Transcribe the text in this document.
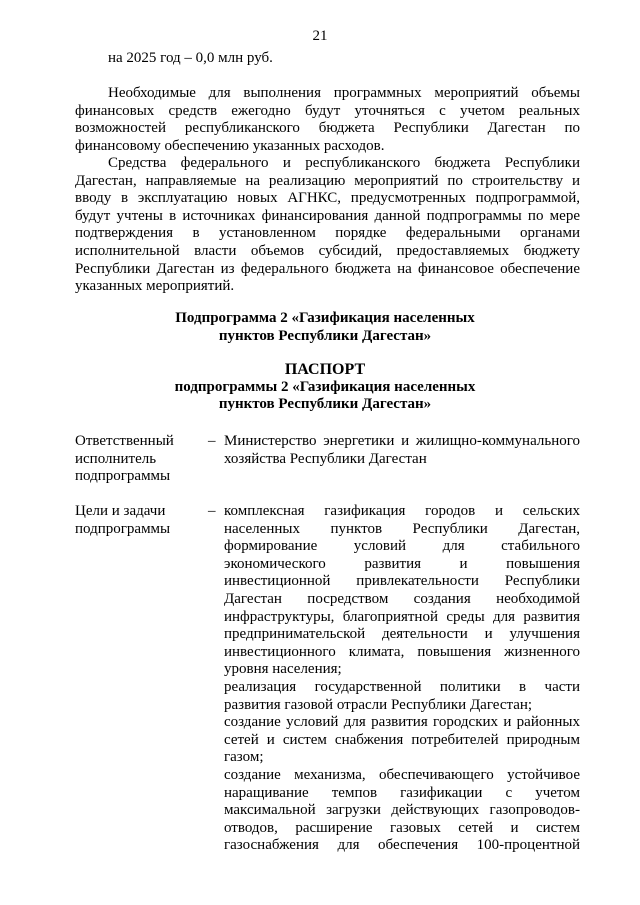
21

на 2025 год – 0,0 млн руб.

Необходимые для выполнения программных мероприятий объемы финансовых средств ежегодно будут уточняться с учетом реальных возможностей республиканского бюджета Республики Дагестан по финансовому обеспечению указанных расходов.

Средства федерального и республиканского бюджета Республики Дагестан, направляемые на реализацию мероприятий по строительству и вводу в эксплуатацию новых АГНКС, предусмотренных подпрограммой, будут учтены в источниках финансирования данной подпрограммы по мере подтверждения в установленном порядке федеральными органами исполнительной власти объемов субсидий, предоставляемых бюджету Республики Дагестан из федерального бюджета на финансовое обеспечение указанных мероприятий.

Подпрограмма 2 «Газификация населенных
пунктов Республики Дагестан»
ПАСПОРТ
подпрограммы 2 «Газификация населенных
пунктов Республики Дагестан»
Ответственный исполнитель подпрограммы
– Министерство энергетики и жилищно-коммунального хозяйства Республики Дагестан
Цели и задачи подпрограммы
– комплексная газификация городов и сельских населенных пунктов Республики Дагестан, формирование условий для стабильного экономического развития и повышения инвестиционной привлекательности Республики Дагестан посредством создания необходимой инфраструктуры, благоприятной среды для развития предпринимательской деятельности и улучшения инвестиционного климата, повышения жизненного уровня населения;

реализация государственной политики в части развития газовой отрасли Республики Дагестан;

создание условий для развития городских и районных сетей и систем снабжения потребителей природным газом;

создание механизма, обеспечивающего устойчивое наращивание темпов газификации с учетом максимальной загрузки действующих газопроводов-отводов, расширение газовых сетей и систем газоснабжения для обеспечения 100-процентной
